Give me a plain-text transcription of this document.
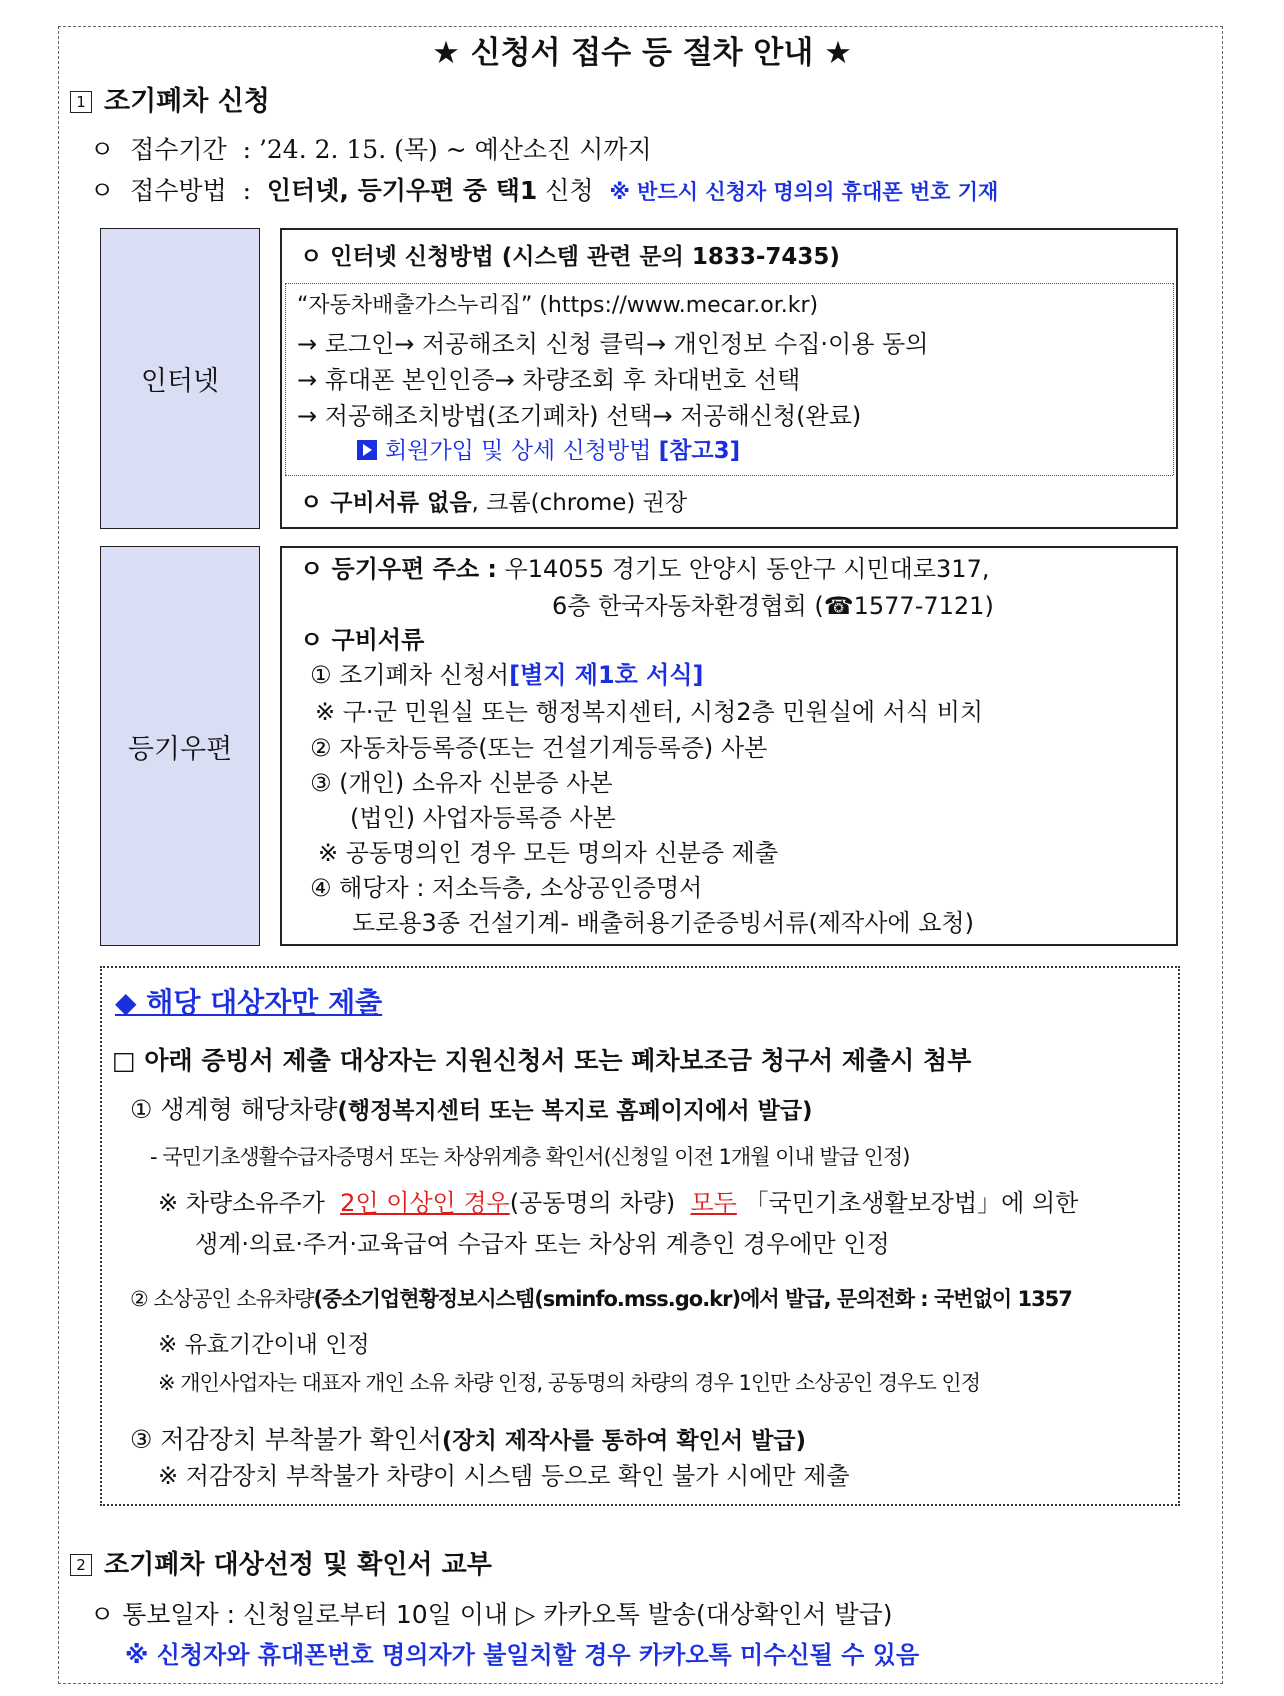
★ 신청서 접수 등 절차 안내 ★
1 조기폐차 신청
ㅇ 접수기간 : ’24. 2. 15. (목) ~ 예산소진 시까지
ㅇ 접수방법 : 인터넷, 등기우편 중 택1 신청 ※ 반드시 신청자 명의의 휴대폰 번호 기재
인터넷
ㅇ 인터넷 신청방법 (시스템 관련 문의 1833-7435)
“자동차배출가스누리집” (https://www.mecar.or.kr)
→ 로그인→ 저공해조치 신청 클릭→ 개인정보 수집·이용 동의
→ 휴대폰 본인인증→ 차량조회 후 차대번호 선택
→ 저공해조치방법(조기폐차) 선택→ 저공해신청(완료)
회원가입 및 상세 신청방법 [참고3]
ㅇ 구비서류 없음, 크롬(chrome) 권장
등기우편
ㅇ 등기우편 주소 : 우14055 경기도 안양시 동안구 시민대로317,
6층 한국자동차환경협회 (☎1577-7121)
ㅇ 구비서류
① 조기폐차 신청서[별지 제1호 서식]
※ 구·군 민원실 또는 행정복지센터, 시청2층 민원실에 서식 비치
② 자동차등록증(또는 건설기계등록증) 사본
③ (개인) 소유자 신분증 사본
(법인) 사업자등록증 사본
※ 공동명의인 경우 모든 명의자 신분증 제출
④ 해당자 : 저소득층, 소상공인증명서
도로용3종 건설기계- 배출허용기준증빙서류(제작사에 요청)
◆ 해당 대상자만 제출
□ 아래 증빙서 제출 대상자는 지원신청서 또는 폐차보조금 청구서 제출시 첨부
① 생계형 해당차량(행정복지센터 또는 복지로 홈페이지에서 발급)
- 국민기초생활수급자증명서 또는 차상위계층 확인서(신청일 이전 1개월 이내 발급 인정)
※ 차량소유주가 2인 이상인 경우(공동명의 차량) 모두 「국민기초생활보장법」에 의한
생계·의료·주거·교육급여 수급자 또는 차상위 계층인 경우에만 인정
② 소상공인 소유차량(중소기업현황정보시스템(sminfo.mss.go.kr)에서 발급, 문의전화 : 국번없이 1357
※ 유효기간이내 인정
※ 개인사업자는 대표자 개인 소유 차량 인정, 공동명의 차량의 경우 1인만 소상공인 경우도 인정
③ 저감장치 부착불가 확인서(장치 제작사를 통하여 확인서 발급)
※ 저감장치 부착불가 차량이 시스템 등으로 확인 불가 시에만 제출
2 조기폐차 대상선정 및 확인서 교부
ㅇ 통보일자 : 신청일로부터 10일 이내 ▷ 카카오톡 발송(대상확인서 발급)
※ 신청자와 휴대폰번호 명의자가 불일치할 경우 카카오톡 미수신될 수 있음
